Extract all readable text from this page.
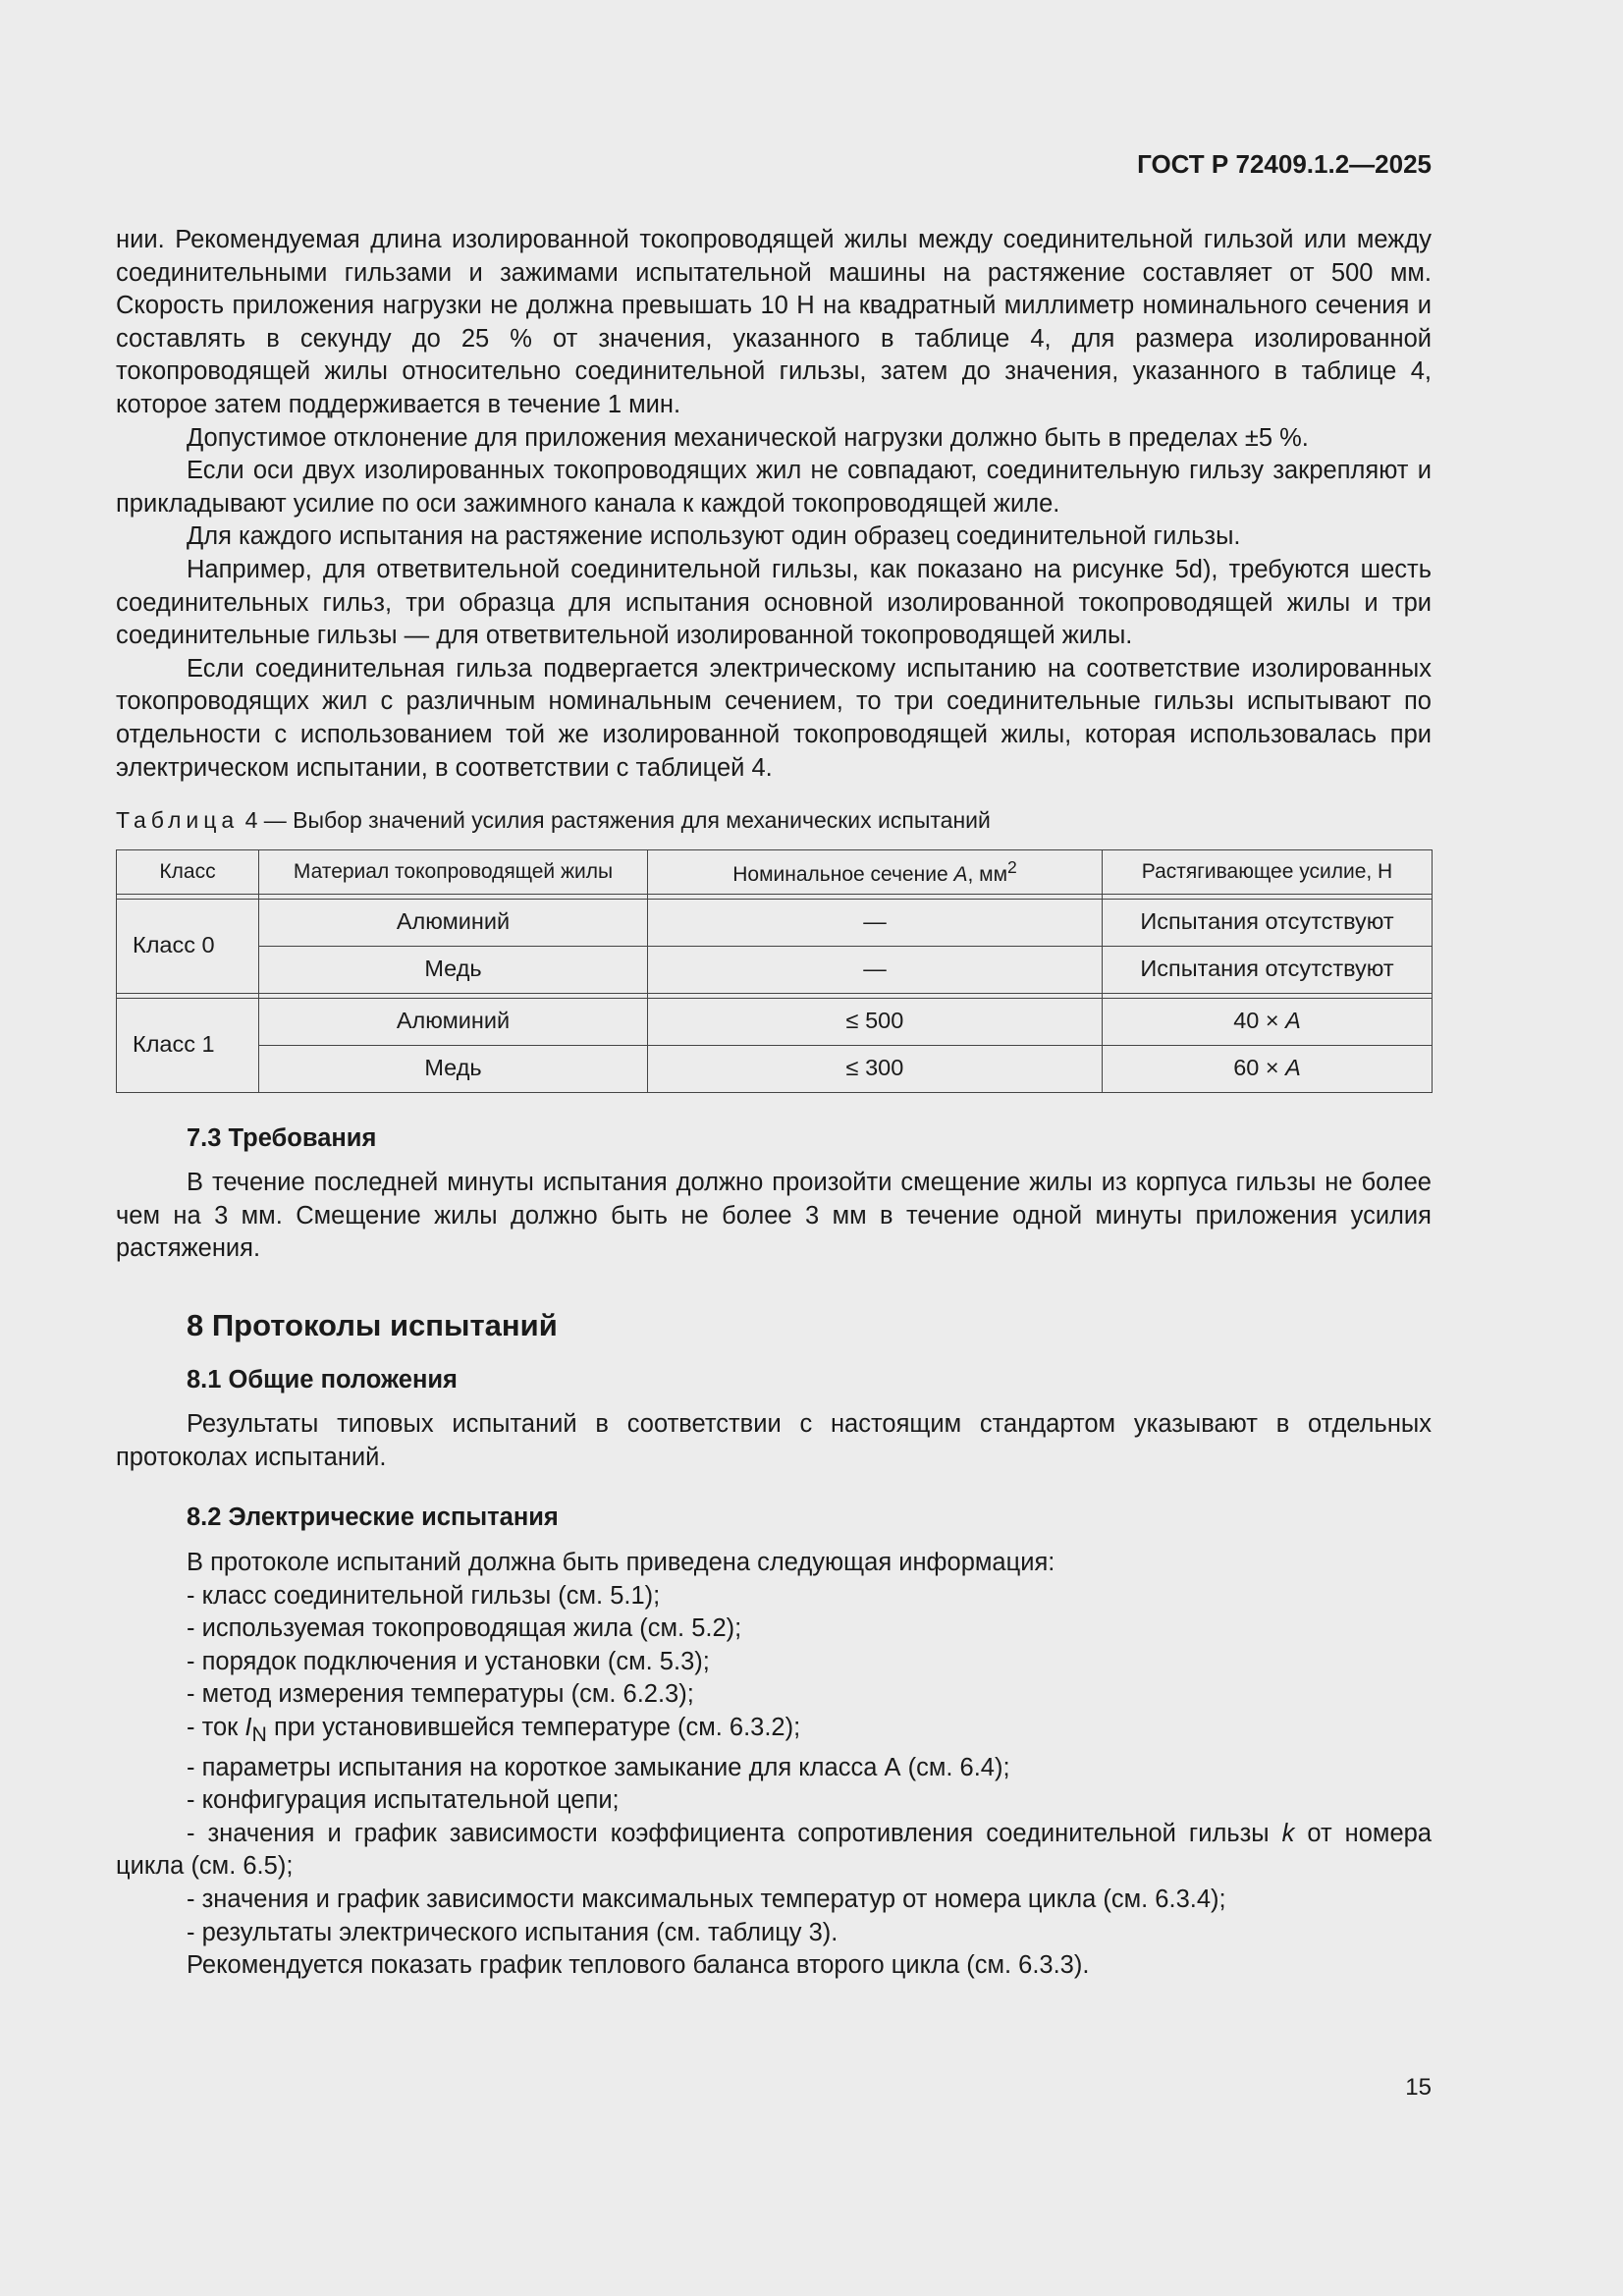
ГОСТ Р 72409.1.2—2025

нии. Рекомендуемая длина изолированной токопроводящей жилы между соединительной гильзой или между соединительными гильзами и зажимами испытательной машины на растяжение составляет от 500 мм. Скорость приложения нагрузки не должна превышать 10 Н на квадратный миллиметр номинального сечения и составлять в секунду до 25 % от значения, указанного в таблице 4, для размера изолированной токопроводящей жилы относительно соединительной гильзы, затем до значения, указанного в таблице 4, которое затем поддерживается в течение 1 мин.

Допустимое отклонение для приложения механической нагрузки должно быть в пределах ±5 %.

Если оси двух изолированных токопроводящих жил не совпадают, соединительную гильзу закрепляют и прикладывают усилие по оси зажимного канала к каждой токопроводящей жиле.

Для каждого испытания на растяжение используют один образец соединительной гильзы.

Например, для ответвительной соединительной гильзы, как показано на рисунке 5d), требуются шесть соединительных гильз, три образца для испытания основной изолированной токопроводящей жилы и три соединительные гильзы — для ответвительной изолированной токопроводящей жилы.

Если соединительная гильза подвергается электрическому испытанию на соответствие изолированных токопроводящих жил с различным номинальным сечением, то три соединительные гильзы испытывают по отдельности с использованием той же изолированной токопроводящей жилы, которая использовалась при электрическом испытании, в соответствии с таблицей 4.

Таблица 4 — Выбор значений усилия растяжения для механических испытаний
Класс	Материал токопроводящей жилы	Номинальное сечение A, $мм^2$	Растягивающее усилие, Н

Класс 0	Алюминий	—	Испытания отсутствуют
	Медь	—	Испытания отсутствуют

Класс 1	Алюминий	≤ 500	40 × A
	Медь	≤ 300	60 × A
7.3 Требования

В течение последней минуты испытания должно произойти смещение жилы из корпуса гильзы не более чем на 3 мм. Смещение жилы должно быть не более 3 мм в течение одной минуты приложения усилия растяжения.

8 Протоколы испытаний
8.1 Общие положения

Результаты типовых испытаний в соответствии с настоящим стандартом указывают в отдельных протоколах испытаний.

8.2 Электрические испытания

В протоколе испытаний должна быть приведена следующая информация:

- класс соединительной гильзы (см. 5.1);

- используемая токопроводящая жила (см. 5.2);

- порядок подключения и установки (см. 5.3);

- метод измерения температуры (см. 6.2.3);

- ток $I_N$ при установившейся температуре (см. 6.3.2);

- параметры испытания на короткое замыкание для класса А (см. 6.4);

- конфигурация испытательной цепи;

- значения и график зависимости коэффициента сопротивления соединительной гильзы k от номера цикла (см. 6.5);

- значения и график зависимости максимальных температур от номера цикла (см. 6.3.4);

- результаты электрического испытания (см. таблицу 3).

Рекомендуется показать график теплового баланса второго цикла (см. 6.3.3).

15
